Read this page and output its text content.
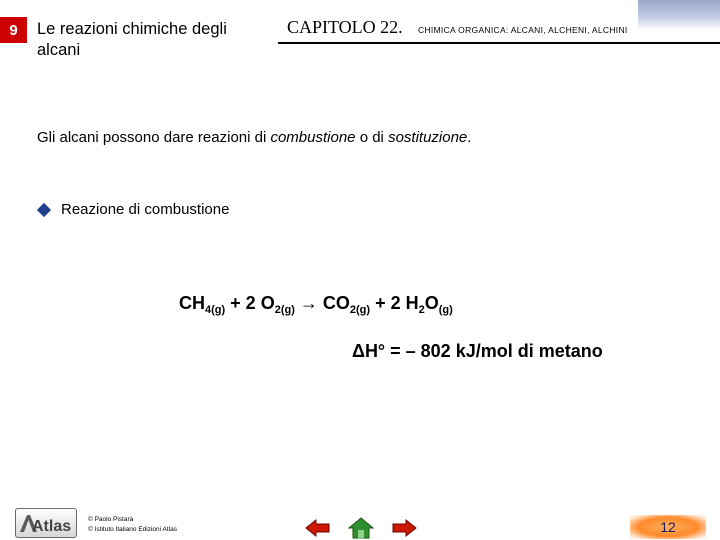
9	Le reazioni chimiche degli alcani
CAPITOLO 22. CHIMICA ORGANICA: ALCANI, ALCHENI, ALCHINI
Gli alcani possono dare reazioni di combustione o di sostituzione.
Reazione di combustione
$CH_{4(g)} + 2$ $O_{2(g)} \to CO_{2(g)} + 2$ $H_2O_{(g)}$
ΔH° = – 802 kJ/mol di metano
Atlas	© Paolo Pistarà
© Istituto Italiano Edizioni Atlas	12
